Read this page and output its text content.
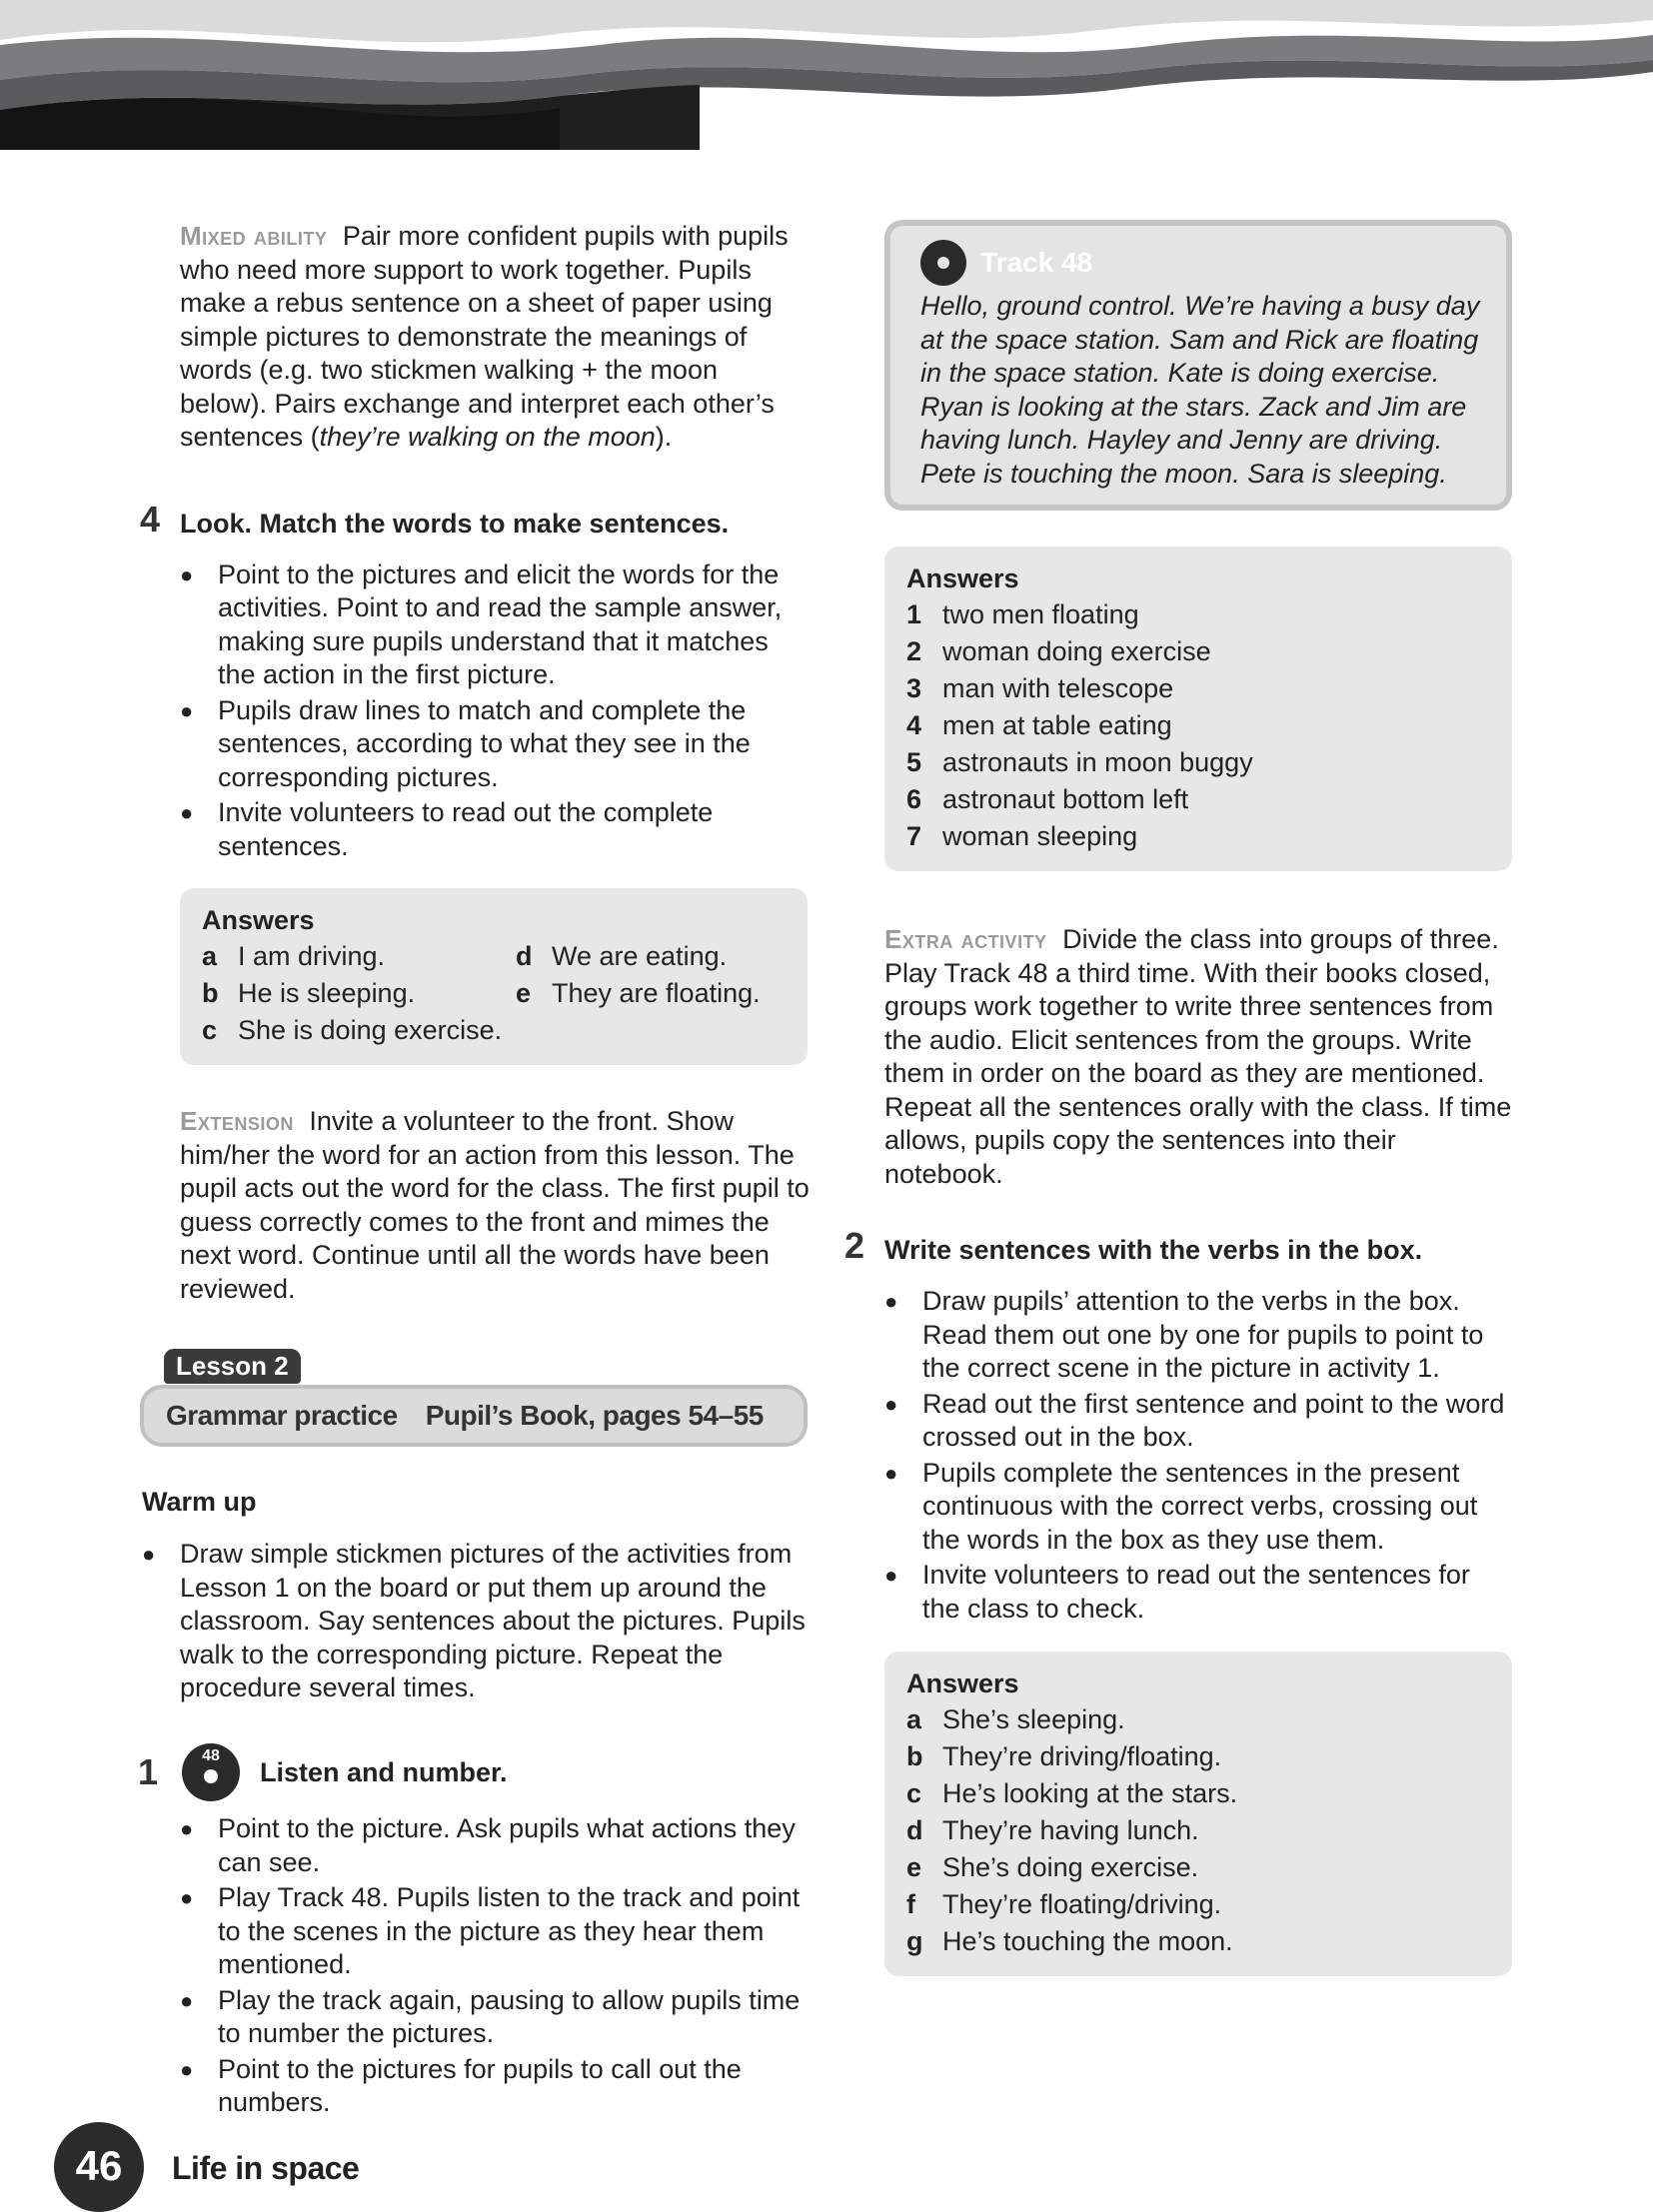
Mixed ability Pair more confident pupils with pupils who need more support to work together. Pupils make a rebus sentence on a sheet of paper using simple pictures to demonstrate the meanings of words (e.g. two stickmen walking + the moon below). Pairs exchange and interpret each other’s sentences (they’re walking on the moon).

4 Look. Match the words to make sentences.
● Point to the pictures and elicit the words for the activities. Point to and read the sample answer, making sure pupils understand that it matches the action in the first picture.
● Pupils draw lines to match and complete the sentences, according to what they see in the corresponding pictures.
● Invite volunteers to read out the complete sentences.
Answers
a I am driving.	d We are eating.
b He is sleeping.	e They are floating.
c She is doing exercise.

Extension Invite a volunteer to the front. Show him/her the word for an action from this lesson. The pupil acts out the word for the class. The first pupil to guess correctly comes to the front and mimes the next word. Continue until all the words have been reviewed.

Lesson 2
Grammar practice Pupil’s Book, pages 54–55
Warm up
● Draw simple stickmen pictures of the activities from Lesson 1 on the board or put them up around the classroom. Say sentences about the pictures. Pupils walk to the corresponding picture. Repeat the procedure several times.
1	48
Listen and number.
● Point to the picture. Ask pupils what actions they can see.
● Play Track 48. Pupils listen to the track and point to the scenes in the picture as they hear them mentioned.
● Play the track again, pausing to allow pupils time to number the pictures.
● Point to the pictures for pupils to call out the numbers.
Track 48

Hello, ground control. We’re having a busy day at the space station. Sam and Rick are floating in the space station. Kate is doing exercise. Ryan is looking at the stars. Zack and Jim are having lunch. Hayley and Jenny are driving. Pete is touching the moon. Sara is sleeping.

Answers
1 two men floating
2 woman doing exercise
3 man with telescope
4 men at table eating
5 astronauts in moon buggy
6 astronaut bottom left
7 woman sleeping

Extra activity Divide the class into groups of three. Play Track 48 a third time. With their books closed, groups work together to write three sentences from the audio. Elicit sentences from the groups. Write them in order on the board as they are mentioned. Repeat all the sentences orally with the class. If time allows, pupils copy the sentences into their notebook.

2 Write sentences with the verbs in the box.
● Draw pupils’ attention to the verbs in the box. Read them out one by one for pupils to point to the correct scene in the picture in activity 1.
● Read out the first sentence and point to the word crossed out in the box.
● Pupils complete the sentences in the present continuous with the correct verbs, crossing out the words in the box as they use them.
● Invite volunteers to read out the sentences for the class to check.
Answers
a She’s sleeping.
b They’re driving/floating.
c He’s looking at the stars.
d They’re having lunch.
e She’s doing exercise.
f	They’re floating/driving.
g He’s touching the moon.
46	Life in space
